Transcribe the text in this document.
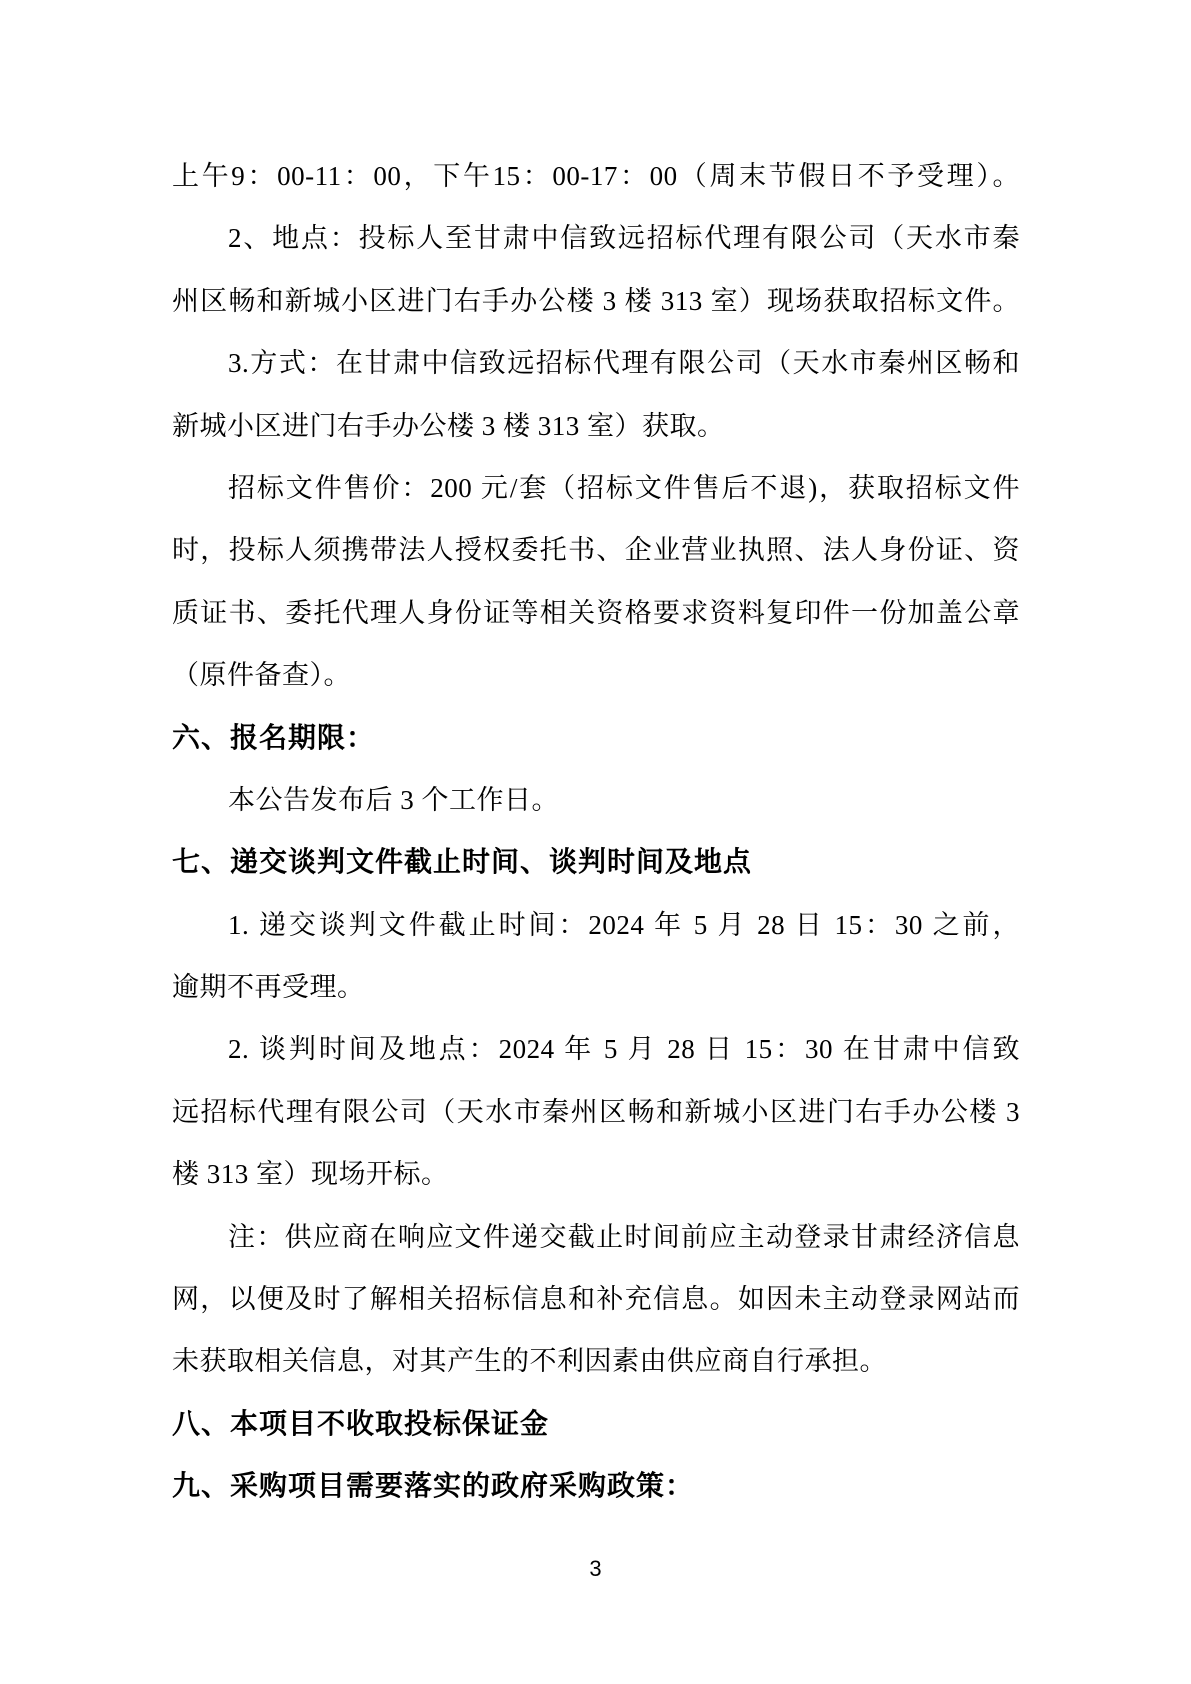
上午9：00-11：00，下午15：00-17：00（周末节假日不予受理）。
2、地点：投标人至甘肃中信致远招标代理有限公司（天水市秦
州区畅和新城小区进门右手办公楼 3 楼 313 室）现场获取招标文件。
3.方式：在甘肃中信致远招标代理有限公司（天水市秦州区畅和
新城小区进门右手办公楼 3 楼 313 室）获取。
招标文件售价：200 元/套（招标文件售后不退)，获取招标文件
时，投标人须携带法人授权委托书、企业营业执照、法人身份证、资
质证书、委托代理人身份证等相关资格要求资料复印件一份加盖公章
（原件备查）。
六、报名期限：
本公告发布后 3 个工作日。
七、递交谈判文件截止时间、谈判时间及地点
1. 递交谈判文件截止时间：2024 年 5 月 28 日 15：30 之前，
逾期不再受理。
2. 谈判时间及地点：2024 年 5 月 28 日 15：30 在甘肃中信致
远招标代理有限公司（天水市秦州区畅和新城小区进门右手办公楼 3
楼 313 室）现场开标。
注：供应商在响应文件递交截止时间前应主动登录甘肃经济信息
网，以便及时了解相关招标信息和补充信息。如因未主动登录网站而
未获取相关信息，对其产生的不利因素由供应商自行承担。
八、本项目不收取投标保证金
九、采购项目需要落实的政府采购政策：
3
